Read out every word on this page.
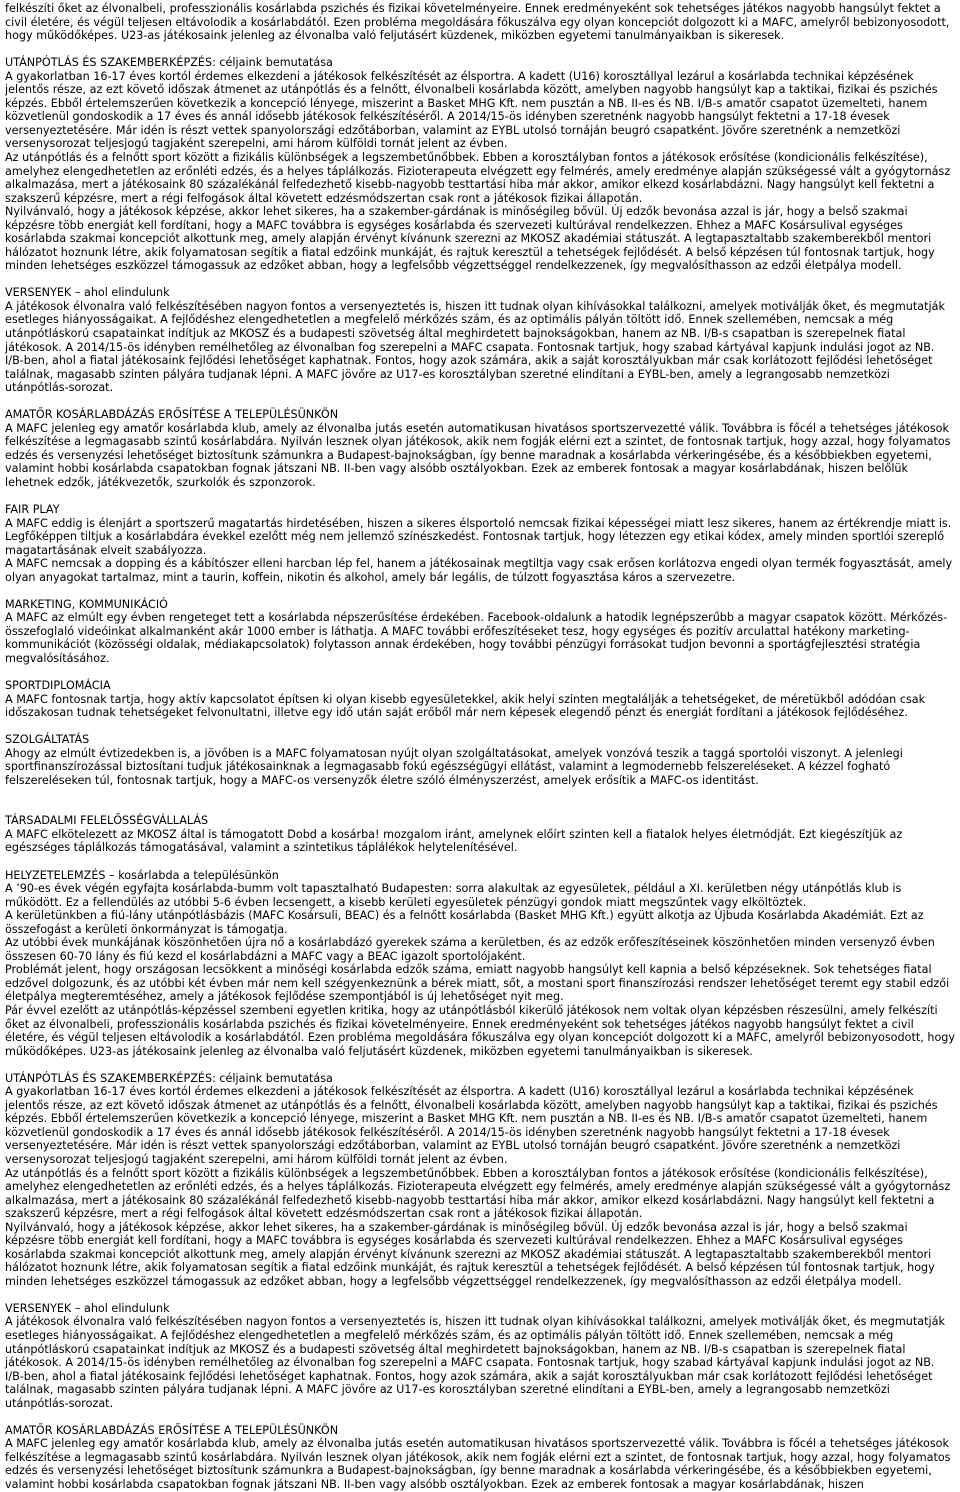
felkészíti őket az élvonalbeli, professzionális kosárlabda pszichés és fizikai követelményeire. Ennek eredményeként sok tehetséges játékos nagyobb hangsúlyt fektet a civil életére, és végül teljesen eltávolodik a kosárlabdától. Ezen probléma megoldására főkuszálva egy olyan koncepciót dolgozott ki a MAFC, amelyről bebizonyosodott, hogy működőképes. U23-as játékosaink jelenleg az élvonalba való feljutásért küzdenek, miközben egyetemi tanulmányaikban is sikeresek.

UTÁNPÓTLÁS ÉS SZAKEMBERKÉPZÉS: céljaink bemutatása

A gyakorlatban 16-17 éves kortól érdemes elkezdeni a játékosok felkészítését az élsportra. A kadett (U16) korosztállyal lezárul a kosárlabda technikai képzésének jelentős része, az ezt követő időszak átmenet az utánpótlás és a felnőtt, élvonalbeli kosárlabda között, amelyben nagyobb hangsúlyt kap a taktikai, fizikai és pszichés képzés. Ebből értelemszerűen következik a koncepció lényege, miszerint a Basket MHG Kft. nem pusztán a NB. II-es és NB. I/B-s amatőr csapatot üzemelteti, hanem közvetlenül gondoskodik a 17 éves és annál idősebb játékosok felkészítéséről. A 2014/15-ös idényben szeretnénk nagyobb hangsúlyt fektetni a 17-18 évesek versenyeztetésére. Már idén is részt vettek spanyolországi edzőtáborban, valamint az EYBL utolsó tornáján beugró csapatként. Jövőre szeretnénk a nemzetközi versenysorozat teljesjogú tagjaként szerepelni, ami három külföldi tornát jelent az évben.

Az utánpótlás és a felnőtt sport között a fizikális különbségek a legszembetűnőbbek. Ebben a korosztályban fontos a játékosok erősítése (kondicionális felkészítése), amelyhez elengedhetetlen az erőnléti edzés, és a helyes táplálkozás. Fizioterapeuta elvégzett egy felmérés, amely eredménye alapján szükségessé vált a gyógytornász alkalmazása, mert a játékosaink 80 százalékánál felfedezhető kisebb-nagyobb testtartási hiba már akkor, amikor elkezd kosárlabdázni. Nagy hangsúlyt kell fektetni a szakszerű képzésre, mert a régi felfogások által követett edzésmódszertan csak ront a játékosok fizikai állapotán.

Nyilvánvaló, hogy a játékosok képzése, akkor lehet sikeres, ha a szakember-gárdának is minőségileg bővül. Új edzők bevonása azzal is jár, hogy a belső szakmai képzésre több energiát kell fordítani, hogy a MAFC továbbra is egységes kosárlabda és szervezeti kultúrával rendelkezzen. Ehhez a MAFC Kosársulival egységes kosárlabda szakmai koncepciót alkottunk meg, amely alapján érvényt kívánunk szerezni az MKOSZ akadémiai státuszát. A legtapasztaltabb szakemberekből mentori hálózatot hoznunk létre, akik folyamatosan segítik a fiatal edzőink munkáját, és rajtuk keresztül a tehetségek fejlődését. A belső képzésen túl fontosnak tartjuk, hogy minden lehetséges eszközzel támogassuk az edzőket abban, hogy a legfelsőbb végzettséggel rendelkezzenek, így megvalósíthasson az edzői életpálya modell.

VERSENYEK – ahol elindulunk

A játékosok élvonalra való felkészítésében nagyon fontos a versenyeztetés is, hiszen itt tudnak olyan kihívásokkal találkozni, amelyek motiválják őket, és megmutatják esetleges hiányosságaikat. A fejlődéshez elengedhetetlen a megfelelő mérkőzés szám, és az optimális pályán töltött idő. Ennek szellemében, nemcsak a még utánpótláskorú csapatainkat indítjuk az MKOSZ és a budapesti szövetség által meghirdetett bajnokságokban, hanem az NB. I/B-s csapatban is szerepelnek fiatal játékosok. A 2014/15-ös idényben remélhetőleg az élvonalban fog szerepelni a MAFC csapata. Fontosnak tartjuk, hogy szabad kártyával kapjunk indulási jogot az NB. I/B-ben, ahol a fiatal játékosaink fejlődési lehetőséget kaphatnak. Fontos, hogy azok számára, akik a saját korosztályukban már csak korlátozott fejlődési lehetőséget találnak, magasabb szinten pályára tudjanak lépni. A MAFC jövőre az U17-es korosztályban szeretné elindítani a EYBL-ben, amely a legrangosabb nemzetközi utánpótlás-sorozat.

AMATŐR KOSÁRLABDÁZÁS ERŐSÍTÉSE A TELEPÜLÉSÜNKÖN

A MAFC jelenleg egy amatőr kosárlabda klub, amely az élvonalba jutás esetén automatikusan hivatásos sportszervezetté válik. Továbbra is főcél a tehetséges játékosok felkészítése a legmagasabb szintű kosárlabdára. Nyilván lesznek olyan játékosok, akik nem fogják elérni ezt a szintet, de fontosnak tartjuk, hogy azzal, hogy folyamatos edzés és versenyzési lehetőséget biztosítunk számunkra a Budapest-bajnokságban, így benne maradnak a kosárlabda vérkeringésébe, és a későbbiekben egyetemi, valamint hobbi kosárlabda csapatokban fognak játszani NB. II-ben vagy alsóbb osztályokban. Ezek az emberek fontosak a magyar kosárlabdának, hiszen belőlük lehetnek edzők, játékvezetők, szurkolók és szponzorok.

FAIR PLAY

A MAFC eddig is élenjárt a sportszerű magatartás hirdetésében, hiszen a sikeres élsportoló nemcsak fizikai képességei miatt lesz sikeres, hanem az értékrendje miatt is. Legfőképpen tiltjuk a kosárlabdára évekkel ezelőtt még nem jellemző színészkedést. Fontosnak tartjuk, hogy létezzen egy etikai kódex, amely minden sportlói szereplő magatartásának elveit szabályozza.

A MAFC nemcsak a dopping és a kábítószer elleni harcban lép fel, hanem a játékosainak megtiltja vagy csak erősen korlátozva engedi olyan termék fogyasztását, amely olyan anyagokat tartalmaz, mint a taurin, koffein, nikotin és alkohol, amely bár legális, de túlzott fogyasztása káros a szervezetre.

MARKETING, KOMMUNIKÁCIÓ

A MAFC az elmúlt egy évben rengeteget tett a kosárlabda népszerűsítése érdekében. Facebook-oldalunk a hatodik legnépszerűbb a magyar csapatok között. Mérkőzés-összefoglaló videóinkat alkalmanként akár 1000 ember is láthatja. A MAFC további erőfeszítéseket tesz, hogy egységes és pozitív arculattal hatékony marketing-kommunikációt (közösségi oldalak, médiakapcsolatok) folytasson annak érdekében, hogy további pénzügyi forrásokat tudjon bevonni a sportágfejlesztési stratégia megvalósításához.

SPORTDIPLOMÁCIA

A MAFC fontosnak tartja, hogy aktív kapcsolatot építsen ki olyan kisebb egyesületekkel, akik helyi szinten megtalálják a tehetségeket, de méretükből adódóan csak időszakosan tudnak tehetségeket felvonultatni, illetve egy idő után saját erőből már nem képesek elegendő pénzt és energiát fordítani a játékosok fejlődéséhez.

SZOLGÁLTATÁS

Ahogy az elmúlt évtizedekben is, a jövőben is a MAFC folyamatosan nyújt olyan szolgáltatásokat, amelyek vonzóvá teszik a taggá sportolói viszonyt. A jelenlegi sportfinanszírozással biztosítani tudjuk játékosainknak a legmagasabb fokú egészségügyi ellátást, valamint a legmodernebb felszereléseket. A kézzel fogható felszereléseken túl, fontosnak tartjuk, hogy a MAFC-os versenyzők életre szóló élményszerzést, amelyek erősítik a MAFC-os identitást.

TÁRSADALMI FELELŐSSÉGVÁLLALÁS

A MAFC elkötelezett az MKOSZ által is támogatott Dobd a kosárba! mozgalom iránt, amelynek előírt szinten kell a fiatalok helyes életmódját. Ezt kiegészítjük az egészséges táplálkozás támogatásával, valamint a szintetikus táplálékok helytelenítésével.

HELYZETELEMZÉS – kosárlabda a településünkön

A ’90-es évek végén egyfajta kosárlabda-bumm volt tapasztalható Budapesten: sorra alakultak az egyesületek, például a XI. kerületben négy utánpótlás klub is működött. Ez a fellendülés az utóbbi 5-6 évben lecsengett, a kisebb kerületi egyesületek pénzügyi gondok miatt megszűntek vagy elköltöztek.

A kerületünkben a fiú-lány utánpótlásbázis (MAFC Kosársuli, BEAC) és a felnőtt kosárlabda (Basket MHG Kft.) együtt alkotja az Újbuda Kosárlabda Akadémiát. Ezt az összefogást a kerületi önkormányzat is támogatja.

Az utóbbi évek munkájának köszönhetően újra nő a kosárlabdázó gyerekek száma a kerületben, és az edzők erőfeszítéseinek köszönhetően minden versenyző évben összesen 60-70 lány és fiú kezd el kosárlabdázni a MAFC vagy a BEAC igazolt sportolójaként.

Problémát jelent, hogy országosan lecsökkent a minőségi kosárlabda edzők száma, emiatt nagyobb hangsúlyt kell kapnia a belső képzéseknek. Sok tehetséges fiatal edzővel dolgozunk, és az utóbbi két évben már nem kell szégyenkeznünk a bérek miatt, sőt, a mostani sport finanszírozási rendszer lehetőséget teremt egy stabil edzői életpálya megteremtéséhez, amely a játékosok fejlődése szempontjából is új lehetőséget nyit meg.

Pár évvel ezelőtt az utánpótlás-képzéssel szembeni egyetlen kritika, hogy az utánpótlásból kikerülő játékosok nem voltak olyan képzésben részesülni, amely felkészíti őket az élvonalbeli, professzionális kosárlabda pszichés és fizikai követelményeire. Ennek eredményeként sok tehetséges játékos nagyobb hangsúlyt fektet a civil életére, és végül teljesen eltávolodik a kosárlabdától. Ezen probléma megoldására főkuszálva egy olyan koncepciót dolgozott ki a MAFC, amelyről bebizonyosodott, hogy működőképes. U23-as játékosaink jelenleg az élvonalba való feljutásért küzdenek, miközben egyetemi tanulmányaikban is sikeresek.

UTÁNPÓTLÁS ÉS SZAKEMBERKÉPZÉS: céljaink bemutatása

A gyakorlatban 16-17 éves kortól érdemes elkezdeni a játékosok felkészítését az élsportra. A kadett (U16) korosztállyal lezárul a kosárlabda technikai képzésének jelentős része, az ezt követő időszak átmenet az utánpótlás és a felnőtt, élvonalbeli kosárlabda között, amelyben nagyobb hangsúlyt kap a taktikai, fizikai és pszichés képzés. Ebből értelemszerűen következik a koncepció lényege, miszerint a Basket MHG Kft. nem pusztán a NB. II-es és NB. I/B-s amatőr csapatot üzemelteti, hanem közvetlenül gondoskodik a 17 éves és annál idősebb játékosok felkészítéséről. A 2014/15-ös idényben szeretnénk nagyobb hangsúlyt fektetni a 17-18 évesek versenyeztetésére. Már idén is részt vettek spanyolországi edzőtáborban, valamint az EYBL utolsó tornáján beugró csapatként. Jövőre szeretnénk a nemzetközi versenysorozat teljesjogú tagjaként szerepelni, ami három külföldi tornát jelent az évben.

Az utánpótlás és a felnőtt sport között a fizikális különbségek a legszembetűnőbbek. Ebben a korosztályban fontos a játékosok erősítése (kondicionális felkészítése), amelyhez elengedhetetlen az erőnléti edzés, és a helyes táplálkozás. Fizioterapeuta elvégzett egy felmérés, amely eredménye alapján szükségessé vált a gyógytornász alkalmazása, mert a játékosaink 80 százalékánál felfedezhető kisebb-nagyobb testtartási hiba már akkor, amikor elkezd kosárlabdázni. Nagy hangsúlyt kell fektetni a szakszerű képzésre, mert a régi felfogások által követett edzésmódszertan csak ront a játékosok fizikai állapotán.

Nyilvánvaló, hogy a játékosok képzése, akkor lehet sikeres, ha a szakember-gárdának is minőségileg bővül. Új edzők bevonása azzal is jár, hogy a belső szakmai képzésre több energiát kell fordítani, hogy a MAFC továbbra is egységes kosárlabda és szervezeti kultúrával rendelkezzen. Ehhez a MAFC Kosársulival egységes kosárlabda szakmai koncepciót alkottunk meg, amely alapján érvényt kívánunk szerezni az MKOSZ akadémiai státuszát. A legtapasztaltabb szakemberekből mentori hálózatot hoznunk létre, akik folyamatosan segítik a fiatal edzőink munkáját, és rajtuk keresztül a tehetségek fejlődését. A belső képzésen túl fontosnak tartjuk, hogy minden lehetséges eszközzel támogassuk az edzőket abban, hogy a legfelsőbb végzettséggel rendelkezzenek, így megvalósíthasson az edzői életpálya modell.

VERSENYEK – ahol elindulunk

A játékosok élvonalra való felkészítésében nagyon fontos a versenyeztetés is, hiszen itt tudnak olyan kihívásokkal találkozni, amelyek motiválják őket, és megmutatják esetleges hiányosságaikat. A fejlődéshez elengedhetetlen a megfelelő mérkőzés szám, és az optimális pályán töltött idő. Ennek szellemében, nemcsak a még utánpótláskorú csapatainkat indítjuk az MKOSZ és a budapesti szövetség által meghirdetett bajnokságokban, hanem az NB. I/B-s csapatban is szerepelnek fiatal játékosok. A 2014/15-ös idényben remélhetőleg az élvonalban fog szerepelni a MAFC csapata. Fontosnak tartjuk, hogy szabad kártyával kapjunk indulási jogot az NB. I/B-ben, ahol a fiatal játékosaink fejlődési lehetőséget kaphatnak. Fontos, hogy azok számára, akik a saját korosztályukban már csak korlátozott fejlődési lehetőséget találnak, magasabb szinten pályára tudjanak lépni. A MAFC jövőre az U17-es korosztályban szeretné elindítani a EYBL-ben, amely a legrangosabb nemzetközi utánpótlás-sorozat.

AMATŐR KOSÁRLABDÁZÁS ERŐSÍTÉSE A TELEPÜLÉSÜNKÖN

A MAFC jelenleg egy amatőr kosárlabda klub, amely az élvonalba jutás esetén automatikusan hivatásos sportszervezetté válik. Továbbra is főcél a tehetséges játékosok felkészítése a legmagasabb szintű kosárlabdára. Nyilván lesznek olyan játékosok, akik nem fogják elérni ezt a szintet, de fontosnak tartjuk, hogy azzal, hogy folyamatos edzés és versenyzési lehetőséget biztosítunk számunkra a Budapest-bajnokságban, így benne maradnak a kosárlabda vérkeringésébe, és a későbbiekben egyetemi, valamint hobbi kosárlabda csapatokban fognak játszani NB. II-ben vagy alsóbb osztályokban. Ezek az emberek fontosak a magyar kosárlabdának, hiszen
